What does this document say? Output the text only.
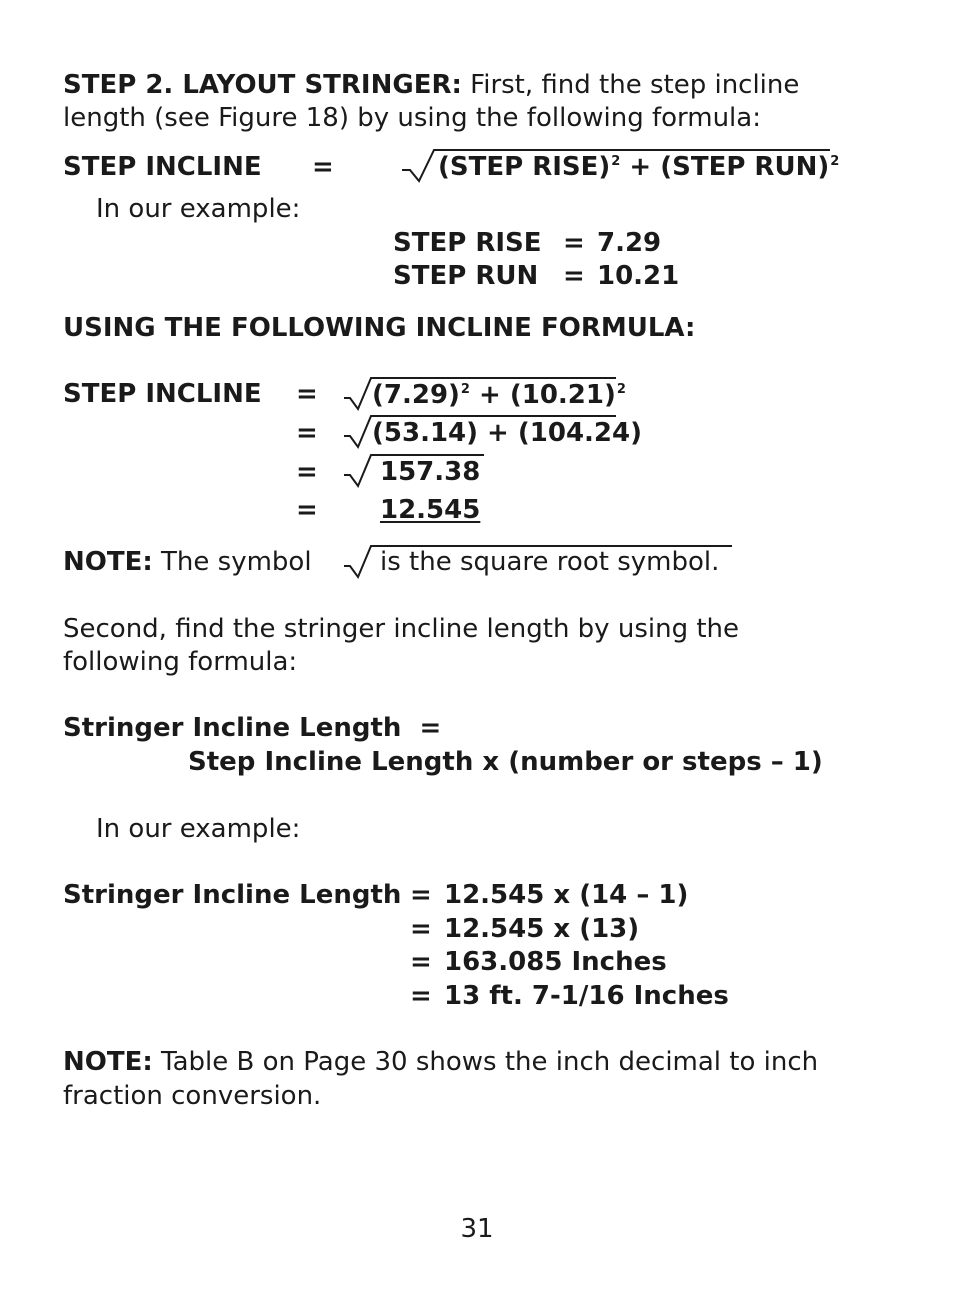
STEP 2. LAYOUT STRINGER: First, find the step incline
length (see Figure 18) by using the following formula:
STEP INCLINE =	(STEP RISE)$^2$ + (STEP RUN)$^2$
In our example:
STEP RISE = 7.29
STEP RUN = 10.21
USING THE FOLLOWING INCLINE FORMULA:
STEP INCLINE = $(7.29)^2 + (10.21)^2$
= (53.14) + (104.24)
= 157.38
= 12.545
NOTE: The symbol	is the square root symbol.
Second, find the stringer incline length by using the
following formula:
Stringer Incline Length  =
Step Incline Length x (number or steps – 1)
In our example:
Stringer Incline Length = 12.545 x (14 – 1)
= 12.545 x (13)
= 163.085 Inches
= 13 ft. 7-1/16 Inches
NOTE: Table B on Page 30 shows the inch decimal to inch
fraction conversion.
31
